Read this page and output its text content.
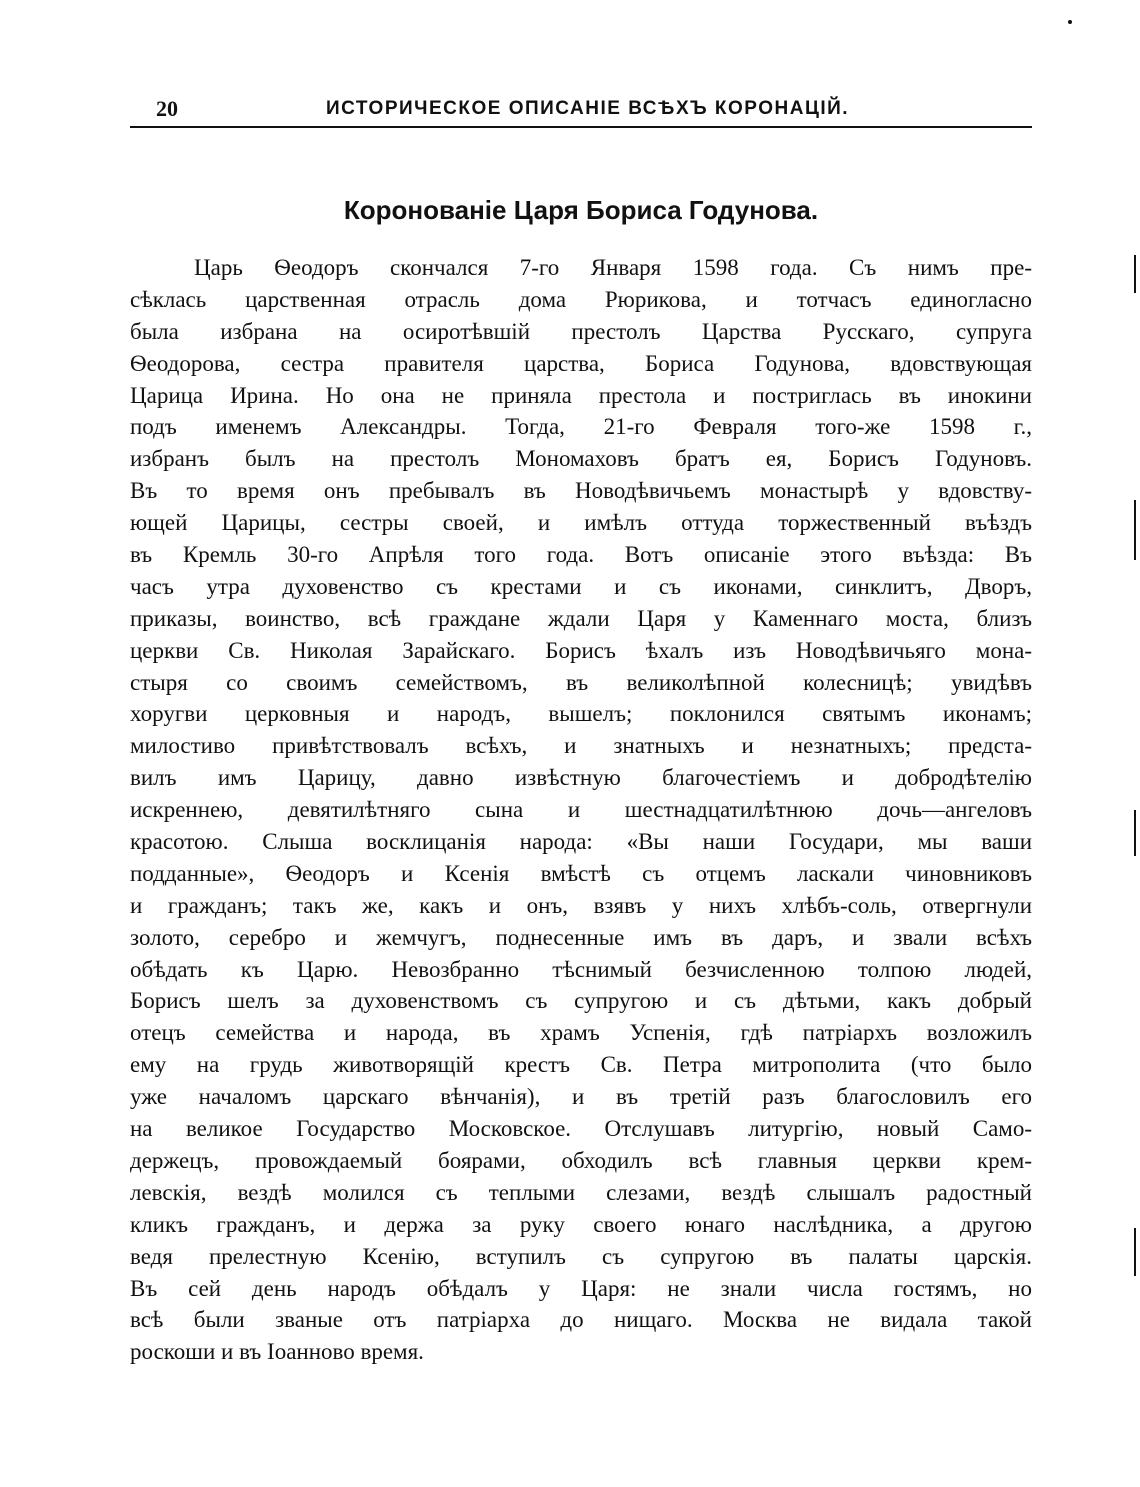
20	ИСТОРИЧЕСКОЕ ОПИСАНІЕ ВСѢХЪ КОРОНАЦІЙ.
Коронованіе Царя Бориса Годунова.
Царь Ѳеодоръ скончался 7-го Января 1598 года. Съ нимъ пре-
сѣклась царственная отрасль дома Рюрикова, и тотчасъ единогласно
была избрана на осиротѣвшій престолъ Царства Русскаго, супруга
Ѳеодорова, сестра правителя царства, Бориса Годунова, вдовствующая
Царица Ирина. Но она не приняла престола и постриглась въ инокини
подъ именемъ Александры. Тогда, 21-го Февраля того-же 1598 г.,
избранъ былъ на престолъ Мономаховъ братъ ея, Борисъ Годуновъ.
Въ то время онъ пребывалъ въ Новодѣвичьемъ монастырѣ у вдовству-
ющей Царицы, сестры своей, и имѣлъ оттуда торжественный въѣздъ
въ Кремль 30-го Апрѣля того года. Вотъ описаніе этого въѣзда: Въ
часъ утра духовенство съ крестами и съ иконами, синклитъ, Дворъ,
приказы, воинство, всѣ граждане ждали Царя у Каменнаго моста, близъ
церкви Св. Николая Зарайскаго. Борисъ ѣхалъ изъ Новодѣвичьяго мона-
стыря со своимъ семействомъ, въ великолѣпной колесницѣ; увидѣвъ
хоругви церковныя и народъ, вышелъ; поклонился святымъ иконамъ;
милостиво привѣтствовалъ всѣхъ, и знатныхъ и незнатныхъ; предста-
вилъ имъ Царицу, давно извѣстную благочестіемъ и добродѣтелію
искреннею, девятилѣтняго сына и шестнадцатилѣтнюю дочь—ангеловъ
красотою. Слыша восклицанія народа: «Вы наши Государи, мы ваши
подданные», Ѳеодоръ и Ксенія вмѣстѣ съ отцемъ ласкали чиновниковъ
и гражданъ; такъ же, какъ и онъ, взявъ у нихъ хлѣбъ-соль, отвергнули
золото, серебро и жемчугъ, поднесенные имъ въ даръ, и звали всѣхъ
обѣдать къ Царю. Невозбранно тѣснимый безчисленною толпою людей,
Борисъ шелъ за духовенствомъ съ супругою и съ дѣтьми, какъ добрый
отецъ семейства и народа, въ храмъ Успенія, гдѣ патріархъ возложилъ
ему на грудь животворящій крестъ Св. Петра митрополита (что было
уже началомъ царскаго вѣнчанія), и въ третій разъ благословилъ его
на великое Государство Московское. Отслушавъ литургію, новый Само-
держецъ, провождаемый боярами, обходилъ всѣ главныя церкви крем-
левскія, вездѣ молился съ теплыми слезами, вездѣ слышалъ радостный
кликъ гражданъ, и держа за руку своего юнаго наслѣдника, а другою
ведя прелестную Ксенію, вступилъ съ супругою въ палаты царскія.
Въ сей день народъ обѣдалъ у Царя: не знали числа гостямъ, но
всѣ были званые отъ патріарха до нищаго. Москва не видала такой
роскоши и въ Іоанново время.
